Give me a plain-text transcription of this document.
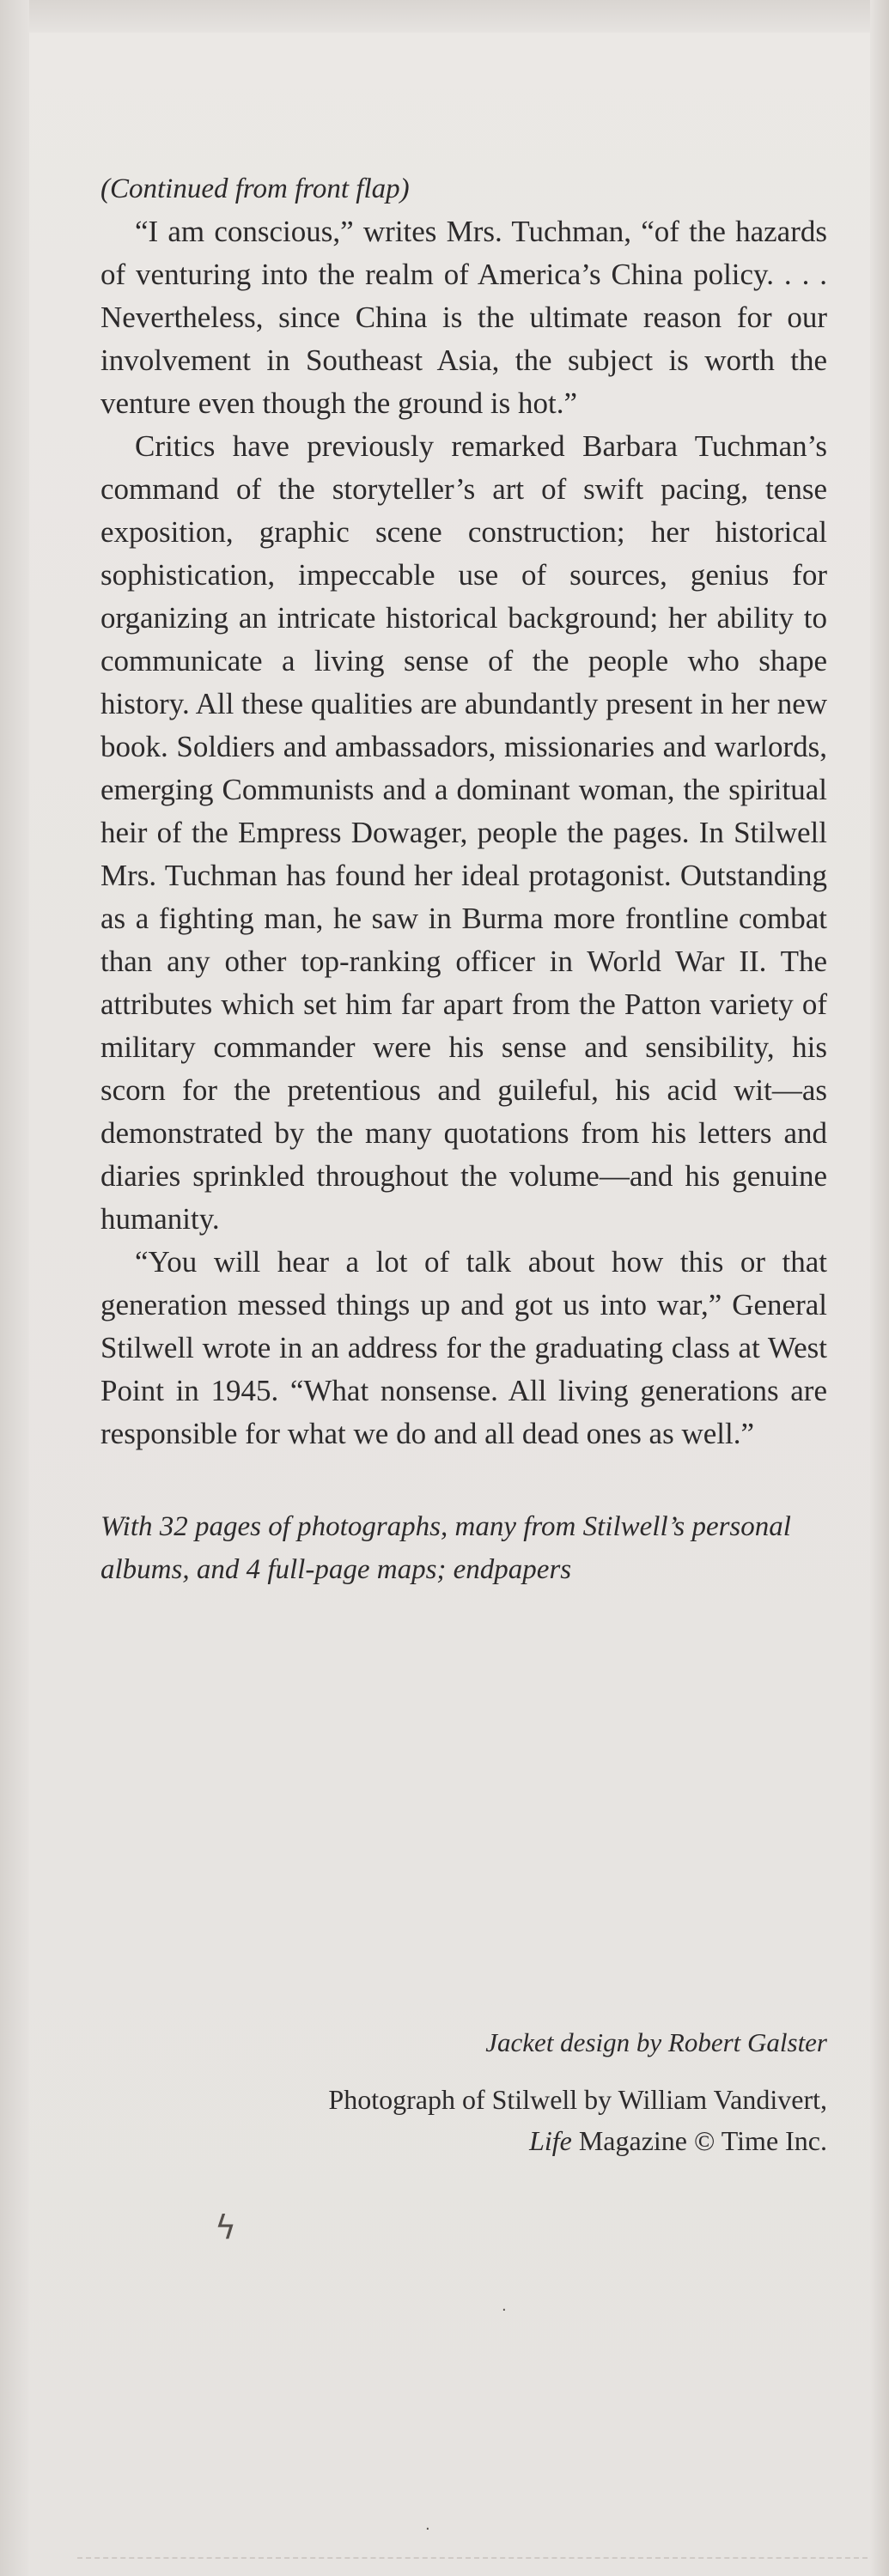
(Continued from front flap)

“I am conscious,” writes Mrs. Tuchman, “of the hazards of venturing into the realm of America’s China policy. . . . Nevertheless, since China is the ultimate reason for our involvement in Southeast Asia, the subject is worth the venture even though the ground is hot.”

Critics have previously remarked Barbara Tuchman’s command of the storyteller’s art of swift pacing, tense exposition, graphic scene construction; her historical sophistication, impeccable use of sources, genius for organizing an intricate historical background; her ability to communicate a living sense of the people who shape history. All these qualities are abundantly present in her new book. Soldiers and ambassadors, missionaries and warlords, emerging Communists and a dominant woman, the spiritual heir of the Empress Dowager, people the pages. In Stilwell Mrs. Tuchman has found her ideal protagonist. Outstanding as a fighting man, he saw in Burma more frontline combat than any other top-ranking officer in World War II. The attributes which set him far apart from the Patton variety of military commander were his sense and sensibility, his scorn for the pretentious and guileful, his acid wit—as demonstrated by the many quotations from his letters and diaries sprinkled throughout the volume—and his genuine humanity.

“You will hear a lot of talk about how this or that generation messed things up and got us into war,” General Stilwell wrote in an address for the graduating class at West Point in 1945. “What nonsense. All living generations are responsible for what we do and all dead ones as well.”

With 32 pages of photographs, many from Stilwell’s personal albums, and 4 full-page maps; endpapers

Jacket design by Robert Galster

Photograph of Stilwell by William Vandivert,
Life Magazine © Time Inc.

ϟ
·
·
